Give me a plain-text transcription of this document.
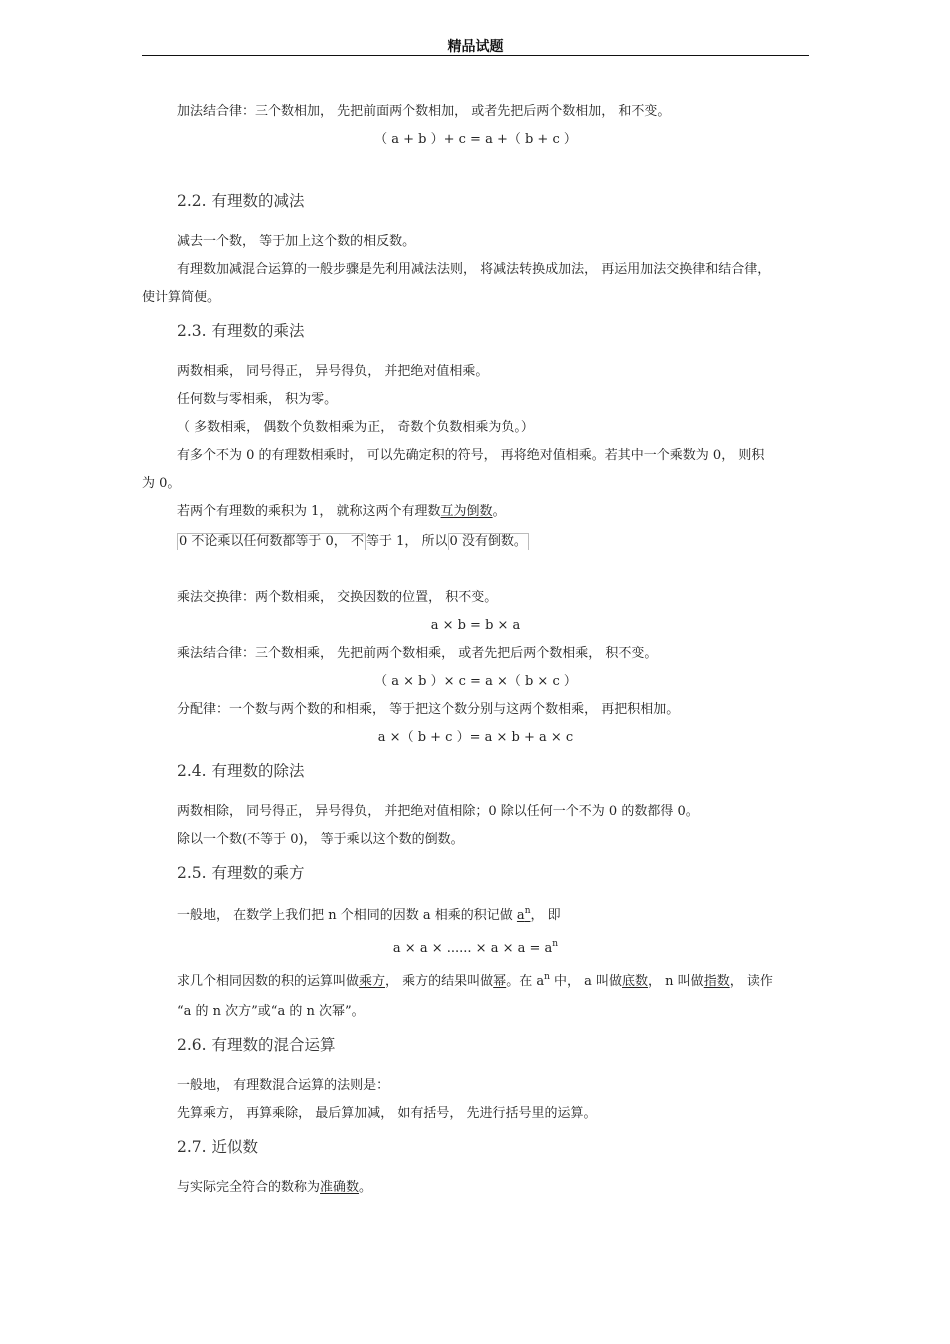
精品试题
加法结合律：三个数相加， 先把前面两个数相加， 或者先把后两个数相加， 和不变。
（ a + b ）+ c = a +（ b + c ）
2.2. 有理数的减法
减去一个数， 等于加上这个数的相反数。
有理数加减混合运算的一般步骤是先利用减法法则， 将减法转换成加法， 再运用加法交换律和结合律，
使计算简便。
2.3. 有理数的乘法
两数相乘， 同号得正， 异号得负， 并把绝对值相乘。
任何数与零相乘， 积为零。
（ 多数相乘， 偶数个负数相乘为正， 奇数个负数相乘为负。）
有多个不为 0 的有理数相乘时， 可以先确定积的符号， 再将绝对值相乘。若其中一个乘数为 0， 则积
为 0。
若两个有理数的乘积为 1， 就称这两个有理数互为倒数。
0 不论乘以任何数都等于 0， 不 等于 1， 所以 0 没有倒数。
乘法交换律：两个数相乘， 交换因数的位置， 积不变。
a × b = b × a
乘法结合律：三个数相乘， 先把前两个数相乘， 或者先把后两个数相乘， 积不变。
（ a × b ）× c = a ×（ b × c ）
分配律：一个数与两个数的和相乘， 等于把这个数分别与这两个数相乘， 再把积相加。
a ×（ b + c ）= a × b + a × c
2.4. 有理数的除法
两数相除， 同号得正， 异号得负， 并把绝对值相除；0 除以任何一个不为 0 的数都得 0。
除以一个数(不等于 0)， 等于乘以这个数的倒数。
2.5. 有理数的乘方
一般地， 在数学上我们把 n 个相同的因数 a 相乘的积记做 $a^n$， 即
a × a × ...... × $a \times a = a^n$
求几个相同因数的积的运算叫做乘方， 乘方的结果叫做幂。在 $a^n$ 中， a 叫做底数， n 叫做指数， 读作
“a 的 n 次方”或“a 的 n 次幂”。
2.6. 有理数的混合运算
一般地， 有理数混合运算的法则是：
先算乘方， 再算乘除， 最后算加减， 如有括号， 先进行括号里的运算。
2.7. 近似数
与实际完全符合的数称为准确数。
